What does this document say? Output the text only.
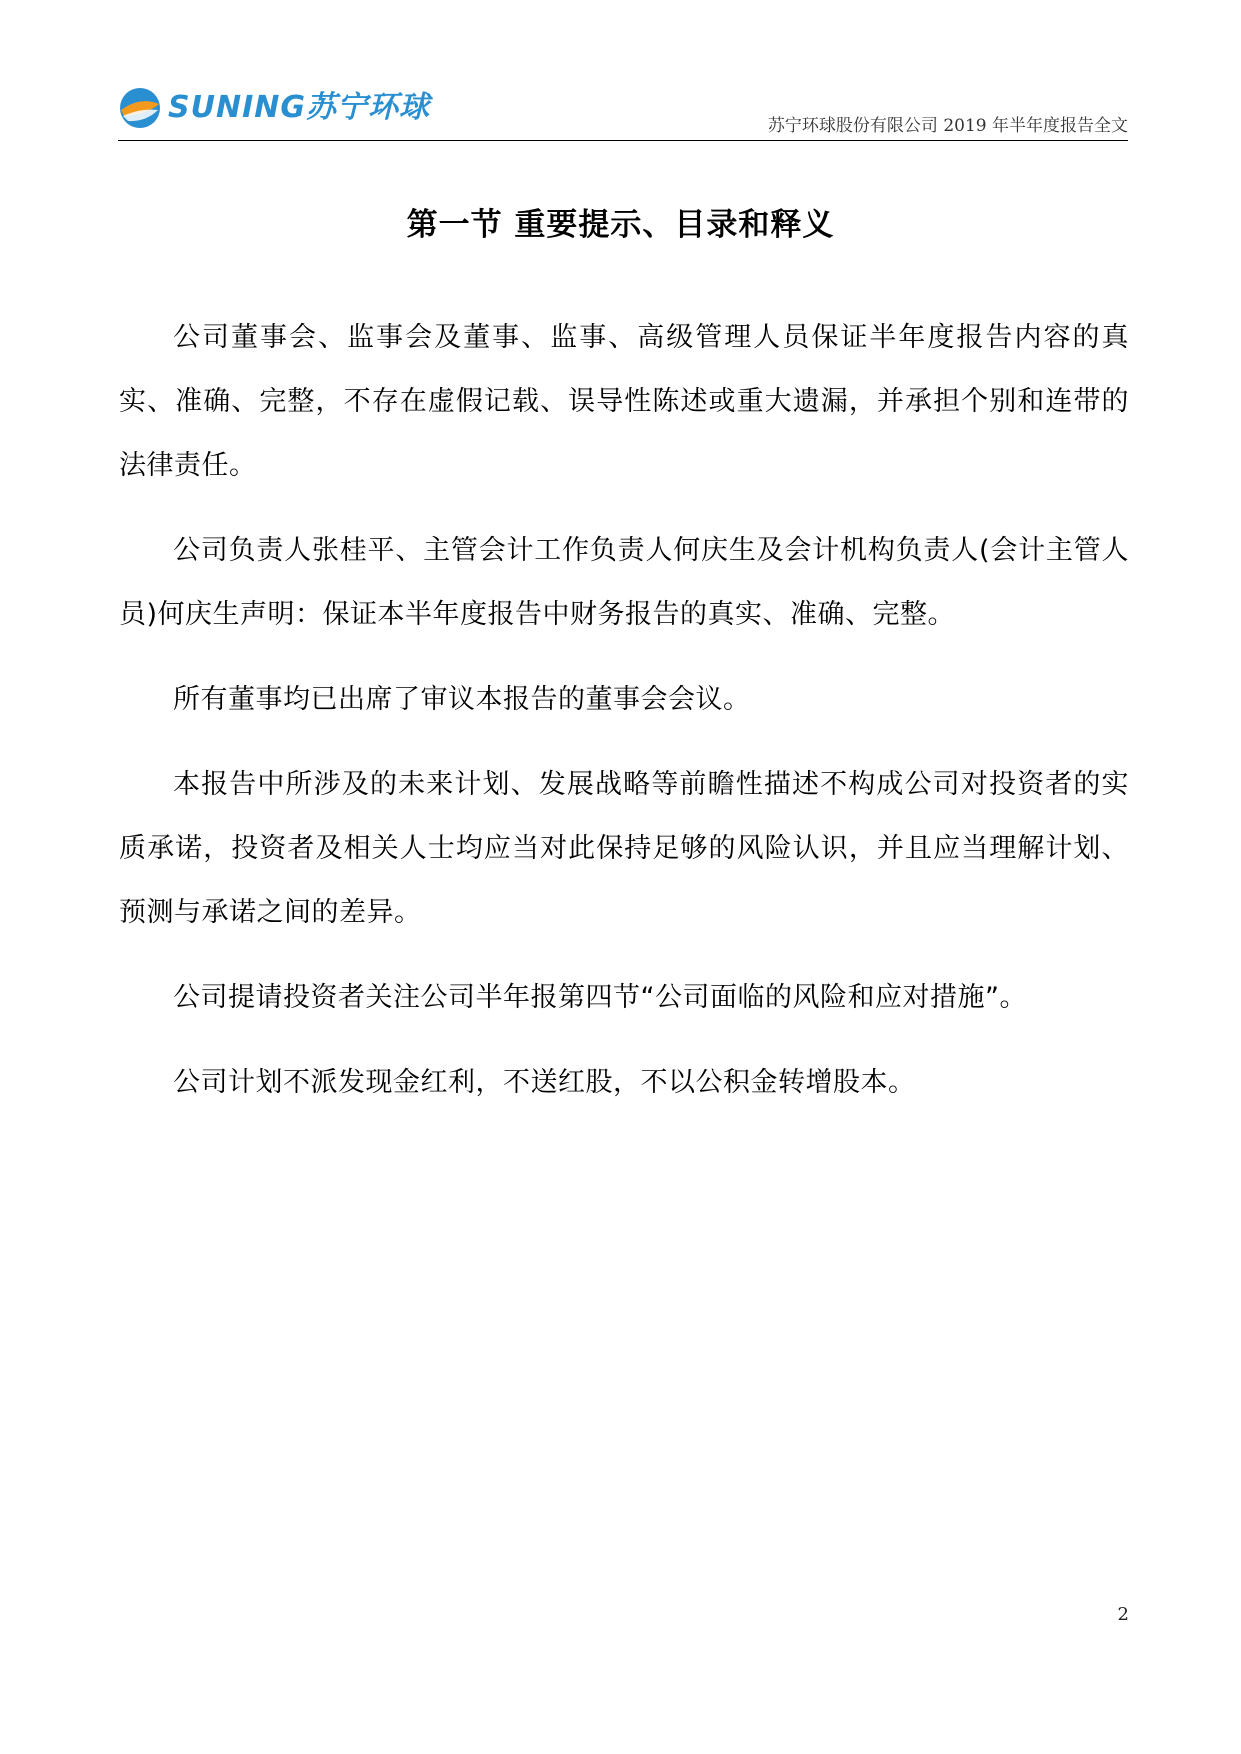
SUNING苏宁环球
苏宁环球股份有限公司 2019 年半年度报告全文
第一节 重要提示、目录和释义

公司董事会、监事会及董事、监事、高级管理人员保证半年度报告内容的真实、准确、完整，不存在虚假记载、误导性陈述或重大遗漏，并承担个别和连带的法律责任。

公司负责人张桂平、主管会计工作负责人何庆生及会计机构负责人(会计主管人员)何庆生声明：保证本半年度报告中财务报告的真实、准确、完整。

所有董事均已出席了审议本报告的董事会会议。

本报告中所涉及的未来计划、发展战略等前瞻性描述不构成公司对投资者的实质承诺，投资者及相关人士均应当对此保持足够的风险认识，并且应当理解计划、预测与承诺之间的差异。

公司提请投资者关注公司半年报第四节“公司面临的风险和应对措施”。

公司计划不派发现金红利，不送红股，不以公积金转增股本。

2
